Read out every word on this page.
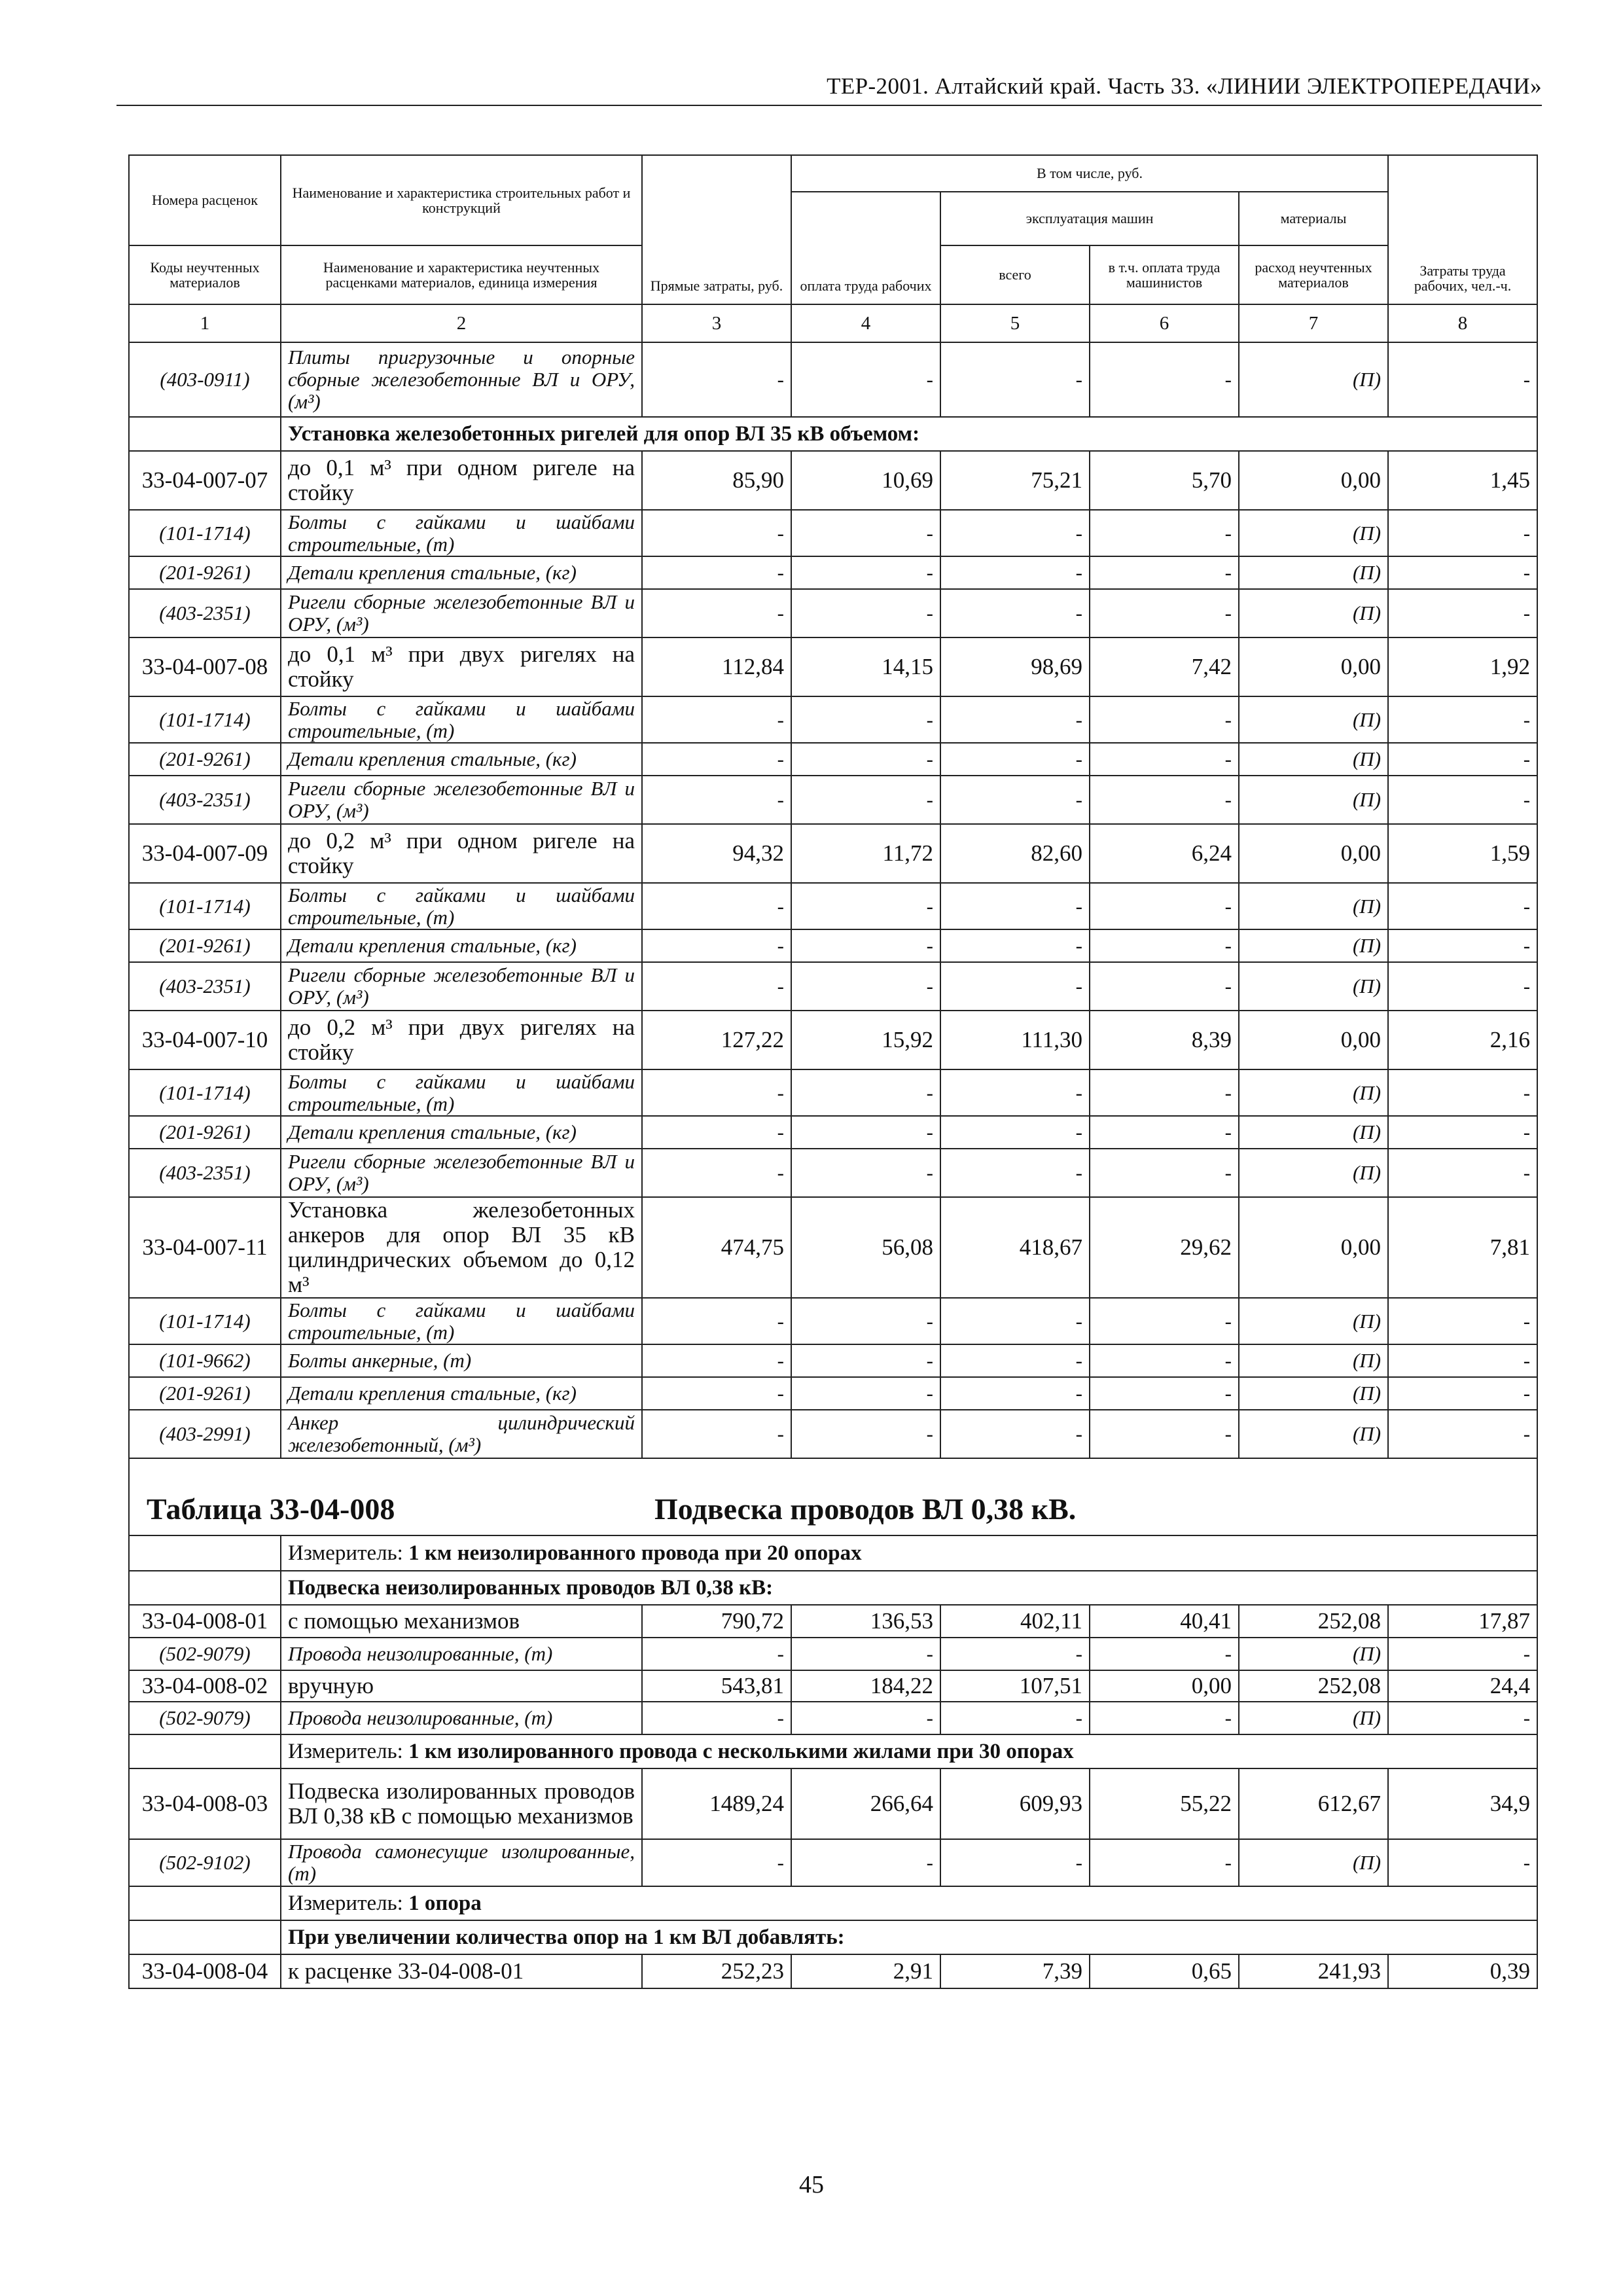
ТЕР-2001. Алтайский край. Часть 33. «ЛИНИИ ЭЛЕКТРОПЕРЕДАЧИ»
Номера расценок	Наименование и характеристика строительных работ и конструкций	Прямые затраты, руб.	В том числе, руб.				Затраты труда рабочих, чел.-ч.
			оплата труда рабочих	эксплуатация машин		материалы	
Коды неучтенных материалов	Наименование и характеристика неучтенных расценками материалов, единица измерения			всего	в т.ч. оплата труда машинистов	расход неучтенных материалов	
1	2	3	4	5	6	7	8
(403-0911)	Плиты пригрузочные и опорные сборные железобетонные ВЛ и ОРУ, (м³)	-	-	-	-	(П)	-
	Установка железобетонных ригелей для опор ВЛ 35 кВ объемом:						
33-04-007-07	до 0,1 м³ при одном ригеле на стойку	85,90	10,69	75,21	5,70	0,00	1,45
(101-1714)	Болты с гайками и шайбами строительные, (т)	-	-	-	-	(П)	-
(201-9261)	Детали крепления стальные, (кг)	-	-	-	-	(П)	-
(403-2351)	Ригели сборные железобетонные ВЛ и ОРУ, (м³)	-	-	-	-	(П)	-
33-04-007-08	до 0,1 м³ при двух ригелях на стойку	112,84	14,15	98,69	7,42	0,00	1,92
(101-1714)	Болты с гайками и шайбами строительные, (т)	-	-	-	-	(П)	-
(201-9261)	Детали крепления стальные, (кг)	-	-	-	-	(П)	-
(403-2351)	Ригели сборные железобетонные ВЛ и ОРУ, (м³)	-	-	-	-	(П)	-
33-04-007-09	до 0,2 м³ при одном ригеле на стойку	94,32	11,72	82,60	6,24	0,00	1,59
(101-1714)	Болты с гайками и шайбами строительные, (т)	-	-	-	-	(П)	-
(201-9261)	Детали крепления стальные, (кг)	-	-	-	-	(П)	-
(403-2351)	Ригели сборные железобетонные ВЛ и ОРУ, (м³)	-	-	-	-	(П)	-
33-04-007-10	до 0,2 м³ при двух ригелях на стойку	127,22	15,92	111,30	8,39	0,00	2,16
(101-1714)	Болты с гайками и шайбами строительные, (т)	-	-	-	-	(П)	-
(201-9261)	Детали крепления стальные, (кг)	-	-	-	-	(П)	-
(403-2351)	Ригели сборные железобетонные ВЛ и ОРУ, (м³)	-	-	-	-	(П)	-
33-04-007-11	Установка железобетонных анкеров для опор ВЛ 35 кВ цилиндрических объемом до 0,12 м³	474,75	56,08	418,67	29,62	0,00	7,81
(101-1714)	Болты с гайками и шайбами строительные, (т)	-	-	-	-	(П)	-
(101-9662)	Болты анкерные, (т)	-	-	-	-	(П)	-
(201-9261)	Детали крепления стальные, (кг)	-	-	-	-	(П)	-
(403-2991)	Анкер цилиндрический железобетонный, (м³)	-	-	-	-	(П)	-

Таблица 33-04-008 Подвеска проводов ВЛ 0,38 кВ.							

	Измеритель: 1 км неизолированного провода при 20 опорах						
	Подвеска неизолированных проводов ВЛ 0,38 кВ:						
33-04-008-01	с помощью механизмов	790,72	136,53	402,11	40,41	252,08	17,87
(502-9079)	Провода неизолированные, (т)	-	-	-	-	(П)	-
33-04-008-02	вручную	543,81	184,22	107,51	0,00	252,08	24,4
(502-9079)	Провода неизолированные, (т)	-	-	-	-	(П)	-
	Измеритель: 1 км изолированного провода с несколькими жилами при 30 опорах						
33-04-008-03	Подвеска изолированных проводов ВЛ 0,38 кВ с помощью механизмов	1489,24	266,64	609,93	55,22	612,67	34,9
(502-9102)	Провода самонесущие изолированные, (т)	-	-	-	-	(П)	-
	Измеритель: 1 опора						
	При увеличении количества опор на 1 км ВЛ добавлять:						
33-04-008-04	к расценке 33-04-008-01	252,23	2,91	7,39	0,65	241,93	0,39
45
